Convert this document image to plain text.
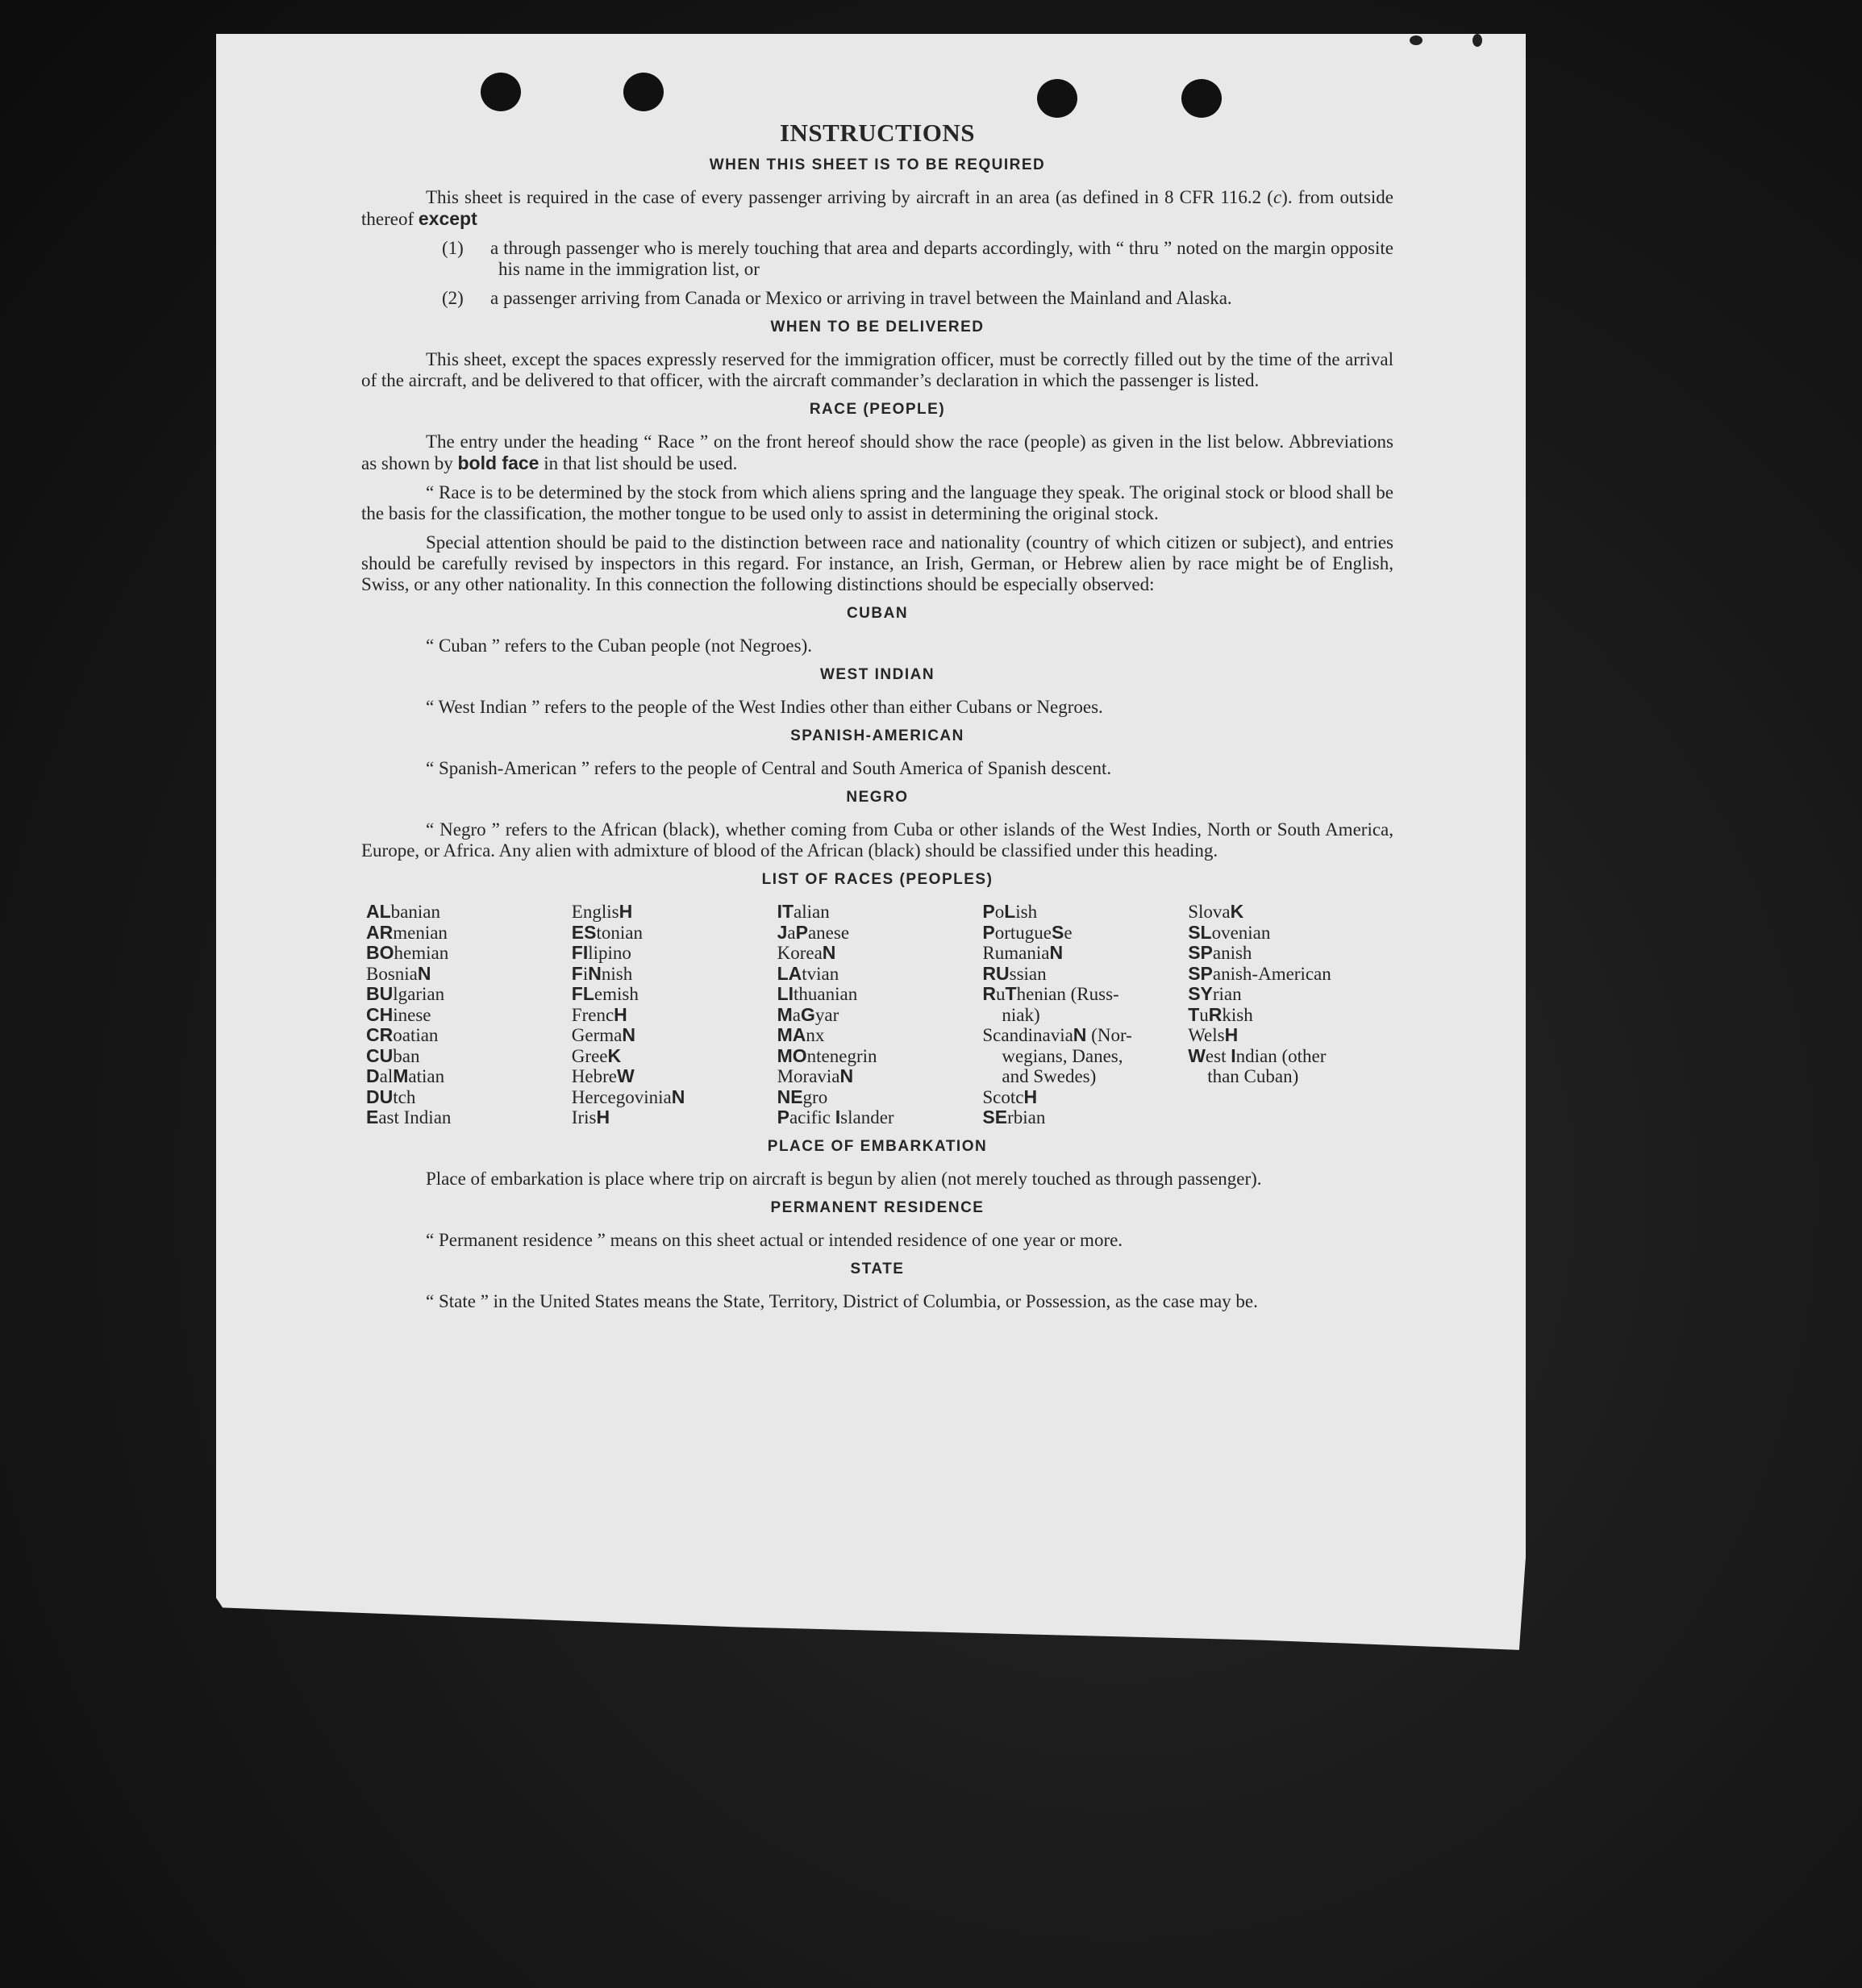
INSTRUCTIONS
WHEN THIS SHEET IS TO BE REQUIRED

This sheet is required in the case of every passenger arriving by aircraft in an area (as defined in 8 CFR 116.2 (c). from outside thereof except

(1) a through passenger who is merely touching that area and departs accordingly, with “ thru ” noted on the margin opposite his name in the immigration list, or
(2) a passenger arriving from Canada or Mexico or arriving in travel between the Mainland and Alaska.
WHEN TO BE DELIVERED

This sheet, except the spaces expressly reserved for the immigration officer, must be correctly filled out by the time of the arrival of the aircraft, and be delivered to that officer, with the aircraft commander’s declaration in which the passenger is listed.

RACE (PEOPLE)

The entry under the heading “ Race ” on the front hereof should show the race (people) as given in the list below. Abbreviations as shown by bold face in that list should be used.

“ Race is to be determined by the stock from which aliens spring and the language they speak. The original stock or blood shall be the basis for the classification, the mother tongue to be used only to assist in determining the original stock.

Special attention should be paid to the distinction between race and nationality (country of which citizen or subject), and entries should be carefully revised by inspectors in this regard. For instance, an Irish, German, or Hebrew alien by race might be of English, Swiss, or any other nationality. In this connection the following distinctions should be especially observed:

CUBAN

“ Cuban ” refers to the Cuban people (not Negroes).

WEST INDIAN

“ West Indian ” refers to the people of the West Indies other than either Cubans or Negroes.

SPANISH-AMERICAN

“ Spanish-American ” refers to the people of Central and South America of Spanish descent.

NEGRO

“ Negro ” refers to the African (black), whether coming from Cuba or other islands of the West Indies, North or South America, Europe, or Africa. Any alien with admixture of blood of the African (black) should be classified under this heading.

LIST OF RACES (PEOPLES)
ALbanian
ARmenian
BOhemian
BosniaN
BUlgarian
CHinese
CRoatian
CUban
DalMatian
DUtch
East Indian
EnglisH
EStonian
FIlipino
FiNnish
FLemish
FrencH
GermaN
GreeK
HebreW
HercegoviniaN
IrisH
ITalian
JaPanese
KoreaN
LAtvian
LIthuanian
MaGyar
MAnx
MOntenegrin
MoraviaN
NEgro
Pacific Islander
PoLish
PortugueSe
RumaniaN
RUssian
RuThenian (Russ-
niak)
ScandinaviaN (Nor-
wegians, Danes,
and Swedes)
ScotcH
SErbian
SlovaK
SLovenian
SPanish
SPanish-American
SYrian
TuRkish
WelsH
West Indian (other
than Cuban)
PLACE OF EMBARKATION

Place of embarkation is place where trip on aircraft is begun by alien (not merely touched as through passenger).

PERMANENT RESIDENCE

“ Permanent residence ” means on this sheet actual or intended residence of one year or more.

STATE

“ State ” in the United States means the State, Territory, District of Columbia, or Possession, as the case may be.
